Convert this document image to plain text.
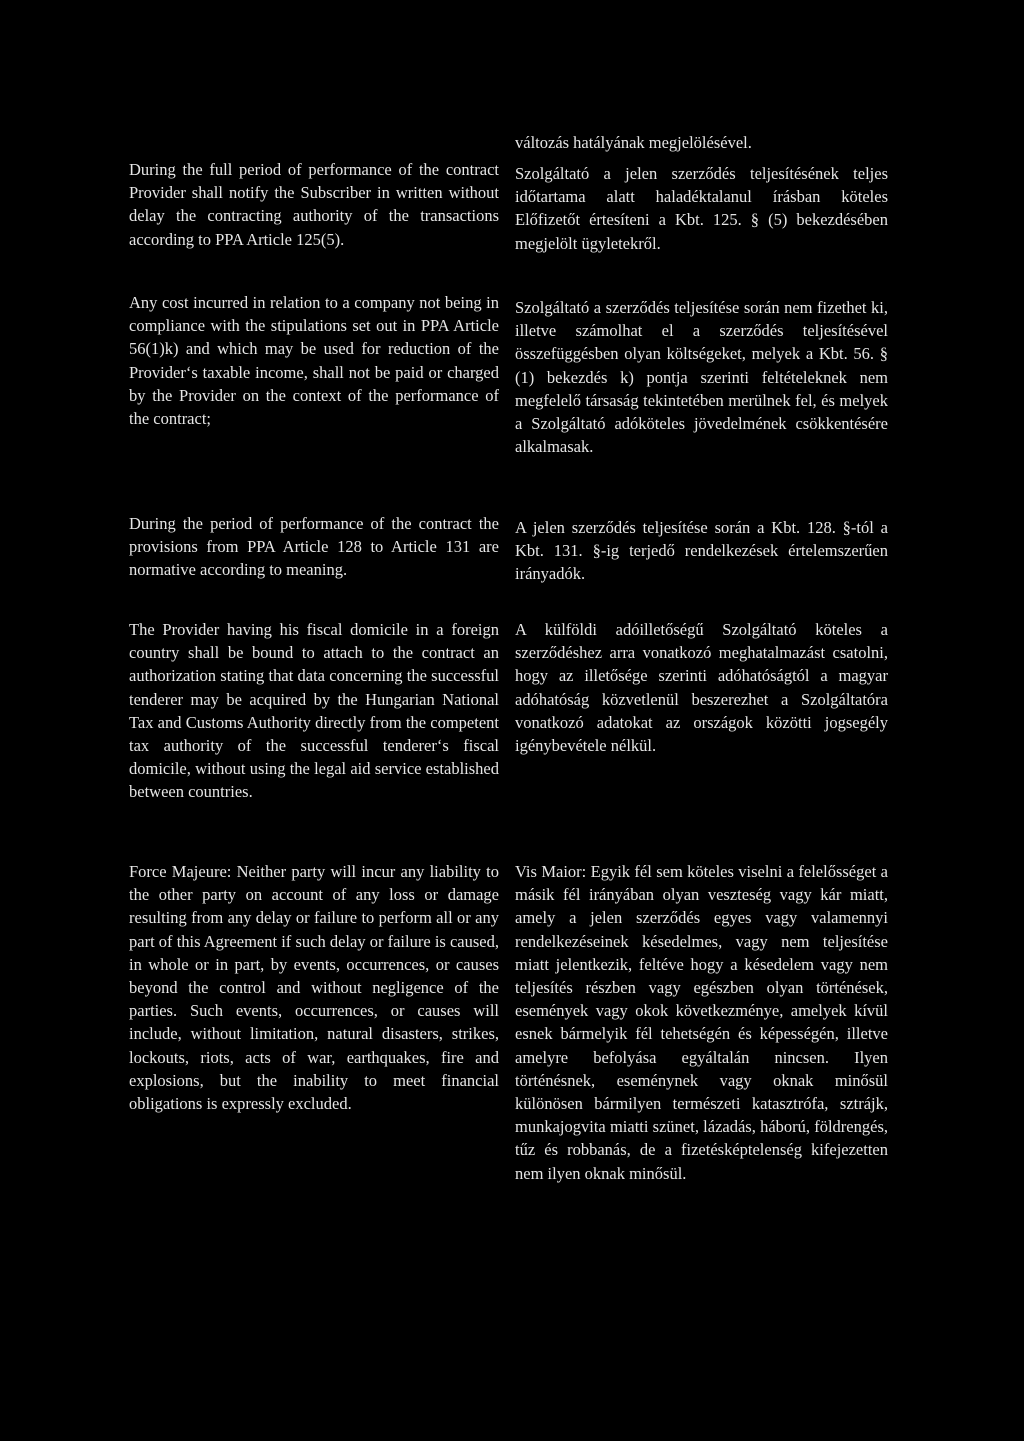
During the full period of performance of the contract Provider shall notify the Subscriber in written without delay the contracting authority of the transactions according to PPA Article 125(5).

Any cost incurred in relation to a company not being in compliance with the stipulations set out in PPA Article 56(1)k) and which may be used for reduction of the Provider‘s taxable income, shall not be paid or charged by the Provider on the context of the performance of the contract;

During the period of performance of the contract the provisions from PPA Article 128 to Article 131 are normative according to meaning.

The Provider having his fiscal domicile in a foreign country shall be bound to attach to the contract an authorization stating that data concerning the successful tenderer may be acquired by the Hungarian National Tax and Customs Authority directly from the competent tax authority of the successful tenderer‘s fiscal domicile, without using the legal aid service established between countries.

Force Majeure: Neither party will incur any liability to the other party on account of any loss or damage resulting from any delay or failure to perform all or any part of this Agreement if such delay or failure is caused, in whole or in part, by events, occurrences, or causes beyond the control and without negligence of the parties. Such events, occurrences, or causes will include, without limitation, natural disasters, strikes, lockouts, riots, acts of war, earthquakes, fire and explosions, but the inability to meet financial obligations is expressly excluded.

változás hatályának megjelölésével.

Szolgáltató a jelen szerződés teljesítésének teljes időtartama alatt haladéktalanul írásban köteles Előfizetőt értesíteni a Kbt. 125. § (5) bekezdésében megjelölt ügyletekről.

Szolgáltató a szerződés teljesítése során nem fizethet ki, illetve számolhat el a szerződés teljesítésével összefüggésben olyan költségeket, melyek a Kbt. 56. § (1) bekezdés k) pontja szerinti feltételeknek nem megfelelő társaság tekintetében merülnek fel, és melyek a Szolgáltató adóköteles jövedelmének csökkentésére alkalmasak.

A jelen szerződés teljesítése során a Kbt. 128. §-tól a Kbt. 131. §-ig terjedő rendelkezések értelemszerűen irányadók.

A külföldi adóilletőségű Szolgáltató köteles a szerződéshez arra vonatkozó meghatalmazást csatolni, hogy az illetősége szerinti adóhatóságtól a magyar adóhatóság közvetlenül beszerezhet a Szolgáltatóra vonatkozó adatokat az országok közötti jogsegély igénybevétele nélkül.

Vis Maior: Egyik fél sem köteles viselni a felelősséget a másik fél irányában olyan veszteség vagy kár miatt, amely a jelen szerződés egyes vagy valamennyi rendelkezéseinek késedelmes, vagy nem teljesítése miatt jelentkezik, feltéve hogy a késedelem vagy nem teljesítés részben vagy egészben olyan történések, események vagy okok következménye, amelyek kívül esnek bármelyik fél tehetségén és képességén, illetve amelyre befolyása egyáltalán nincsen. Ilyen történésnek, eseménynek vagy oknak minősül különösen bármilyen természeti katasztrófa, sztrájk, munkajogvita miatti szünet, lázadás, háború, földrengés, tűz és robbanás, de a fizetésképtelenség kifejezetten nem ilyen oknak minősül.
